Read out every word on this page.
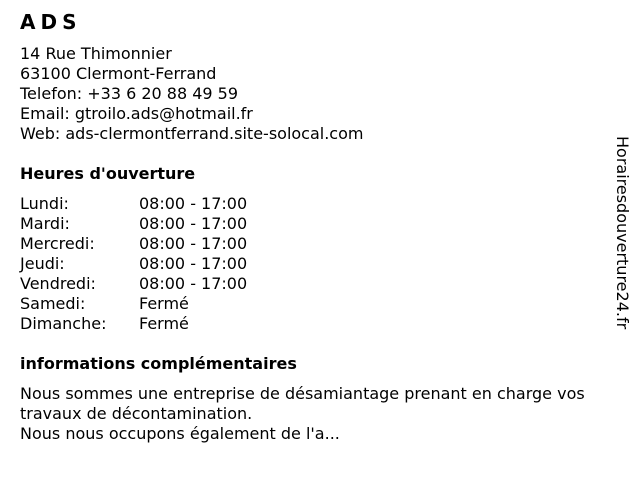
ADS
14 Rue Thimonnier
63100 Clermont-Ferrand
Telefon: +33 6 20 88 49 59
Email: gtroilo.ads@hotmail.fr
Web: ads-clermontferrand.site-solocal.com
Heures d'ouverture
Lundi:	08:00 - 17:00
Mardi:	08:00 - 17:00
Mercredi:	08:00 - 17:00
Jeudi:	08:00 - 17:00
Vendredi:	08:00 - 17:00
Samedi:	Fermé
Dimanche: Fermé
informations complémentaires
Nous sommes une entreprise de désamiantage prenant en charge vos
travaux de décontamination.
Nous nous occupons également de l'a...
Horairesdouverture24.fr
